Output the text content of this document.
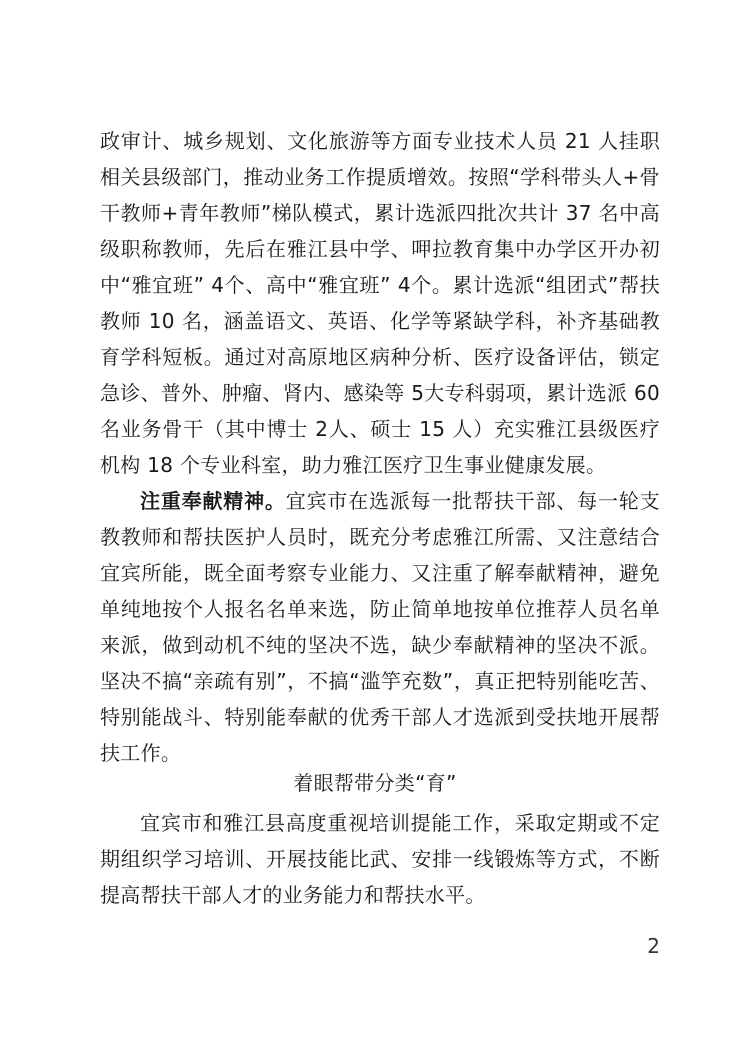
政审计、城乡规划、文化旅游等方面专业技术人员 21 人挂职相关县级部门，推动业务工作提质增效。按照“学科带头人+骨干教师+青年教师”梯队模式，累计选派四批次共计 37 名中高级职称教师，先后在雅江县中学、呷拉教育集中办学区开办初中“雅宜班” 4个、高中“雅宜班” 4个。累计选派“组团式”帮扶教师 10 名，涵盖语文、英语、化学等紧缺学科，补齐基础教育学科短板。通过对高原地区病种分析、医疗设备评估，锁定急诊、普外、肿瘤、肾内、感染等 5大专科弱项，累计选派 60 名业务骨干（其中博士 2人、硕士 15 人）充实雅江县级医疗机构 18 个专业科室，助力雅江医疗卫生事业健康发展。

注重奉献精神。宜宾市在选派每一批帮扶干部、每一轮支教教师和帮扶医护人员时，既充分考虑雅江所需、又注意结合宜宾所能，既全面考察专业能力、又注重了解奉献精神，避免单纯地按个人报名名单来选，防止简单地按单位推荐人员名单来派，做到动机不纯的坚决不选，缺少奉献精神的坚决不派。坚决不搞“亲疏有别”，不搞“滥竽充数”，真正把特别能吃苦、特别能战斗、特别能奉献的优秀干部人才选派到受扶地开展帮扶工作。

着眼帮带分类“育”

宜宾市和雅江县高度重视培训提能工作，采取定期或不定期组织学习培训、开展技能比武、安排一线锻炼等方式，不断提高帮扶干部人才的业务能力和帮扶水平。

2
